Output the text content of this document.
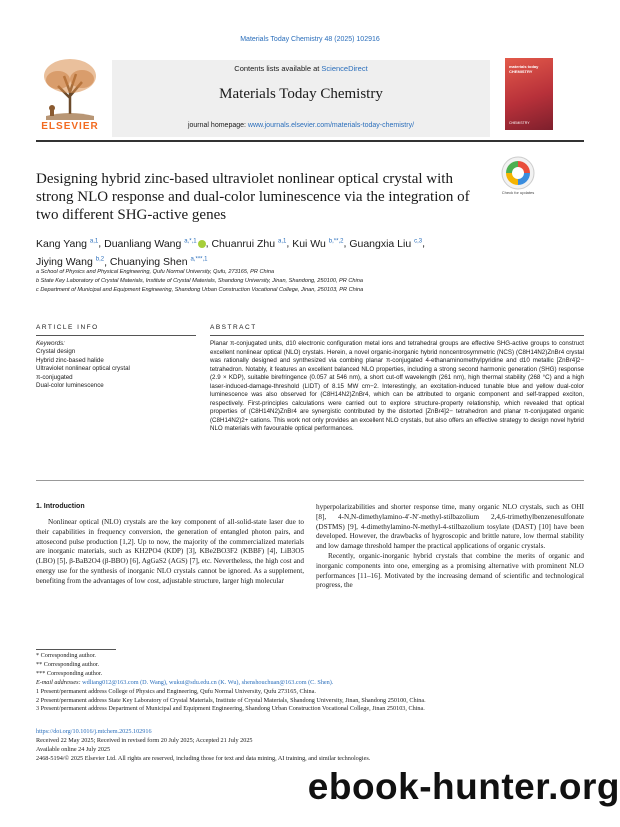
Materials Today Chemistry 48 (2025) 102916
ELSEVIER
Contents lists available at ScienceDirect
Materials Today Chemistry
journal homepage: www.journals.elsevier.com/materials-today-chemistry/
materials today CHEMISTRY
CHEMISTRY
Designing hybrid zinc-based ultraviolet nonlinear optical crystal with strong NLO response and dual-color luminescence via the integration of two different SHG-active genes
Check for updates
Kang Yang $^{a,1}$, Duanliang Wang $^{a,*,1}$ , Chuanrui Zhu $^{a,1}$, Kui Wu $^{b,**,2}$, Guangxia Liu $^{c,3}$,
Jiying Wang $^{b,2}$, Chuanying Shen $^{a,***,1}$
a School of Physics and Physical Engineering, Qufu Normal University, Qufu, 273165, PR China
b State Key Laboratory of Crystal Materials, Institute of Crystal Materials, Shandong University, Jinan, Shandong, 250100, PR China
c Department of Municipal and Equipment Engineering, Shandong Urban Construction Vocational College, Jinan, 250103, PR China
ARTICLE INFO
Keywords:
Crystal design
Hybrid zinc-based halide
Ultraviolet nonlinear optical crystal
π-conjugated
Dual-color luminescence
ABSTRACT
Planar π-conjugated units, d10 electronic configuration metal ions and tetrahedral groups are effective SHG-active groups to construct excellent nonlinear optical (NLO) crystals. Herein, a novel organic-inorganic hybrid noncentrosymmetric (NCS) (C8H14N2)ZnBr4 crystal was rationally designed and synthesized via combing planar π-conjugated 4-ethanaminomethylpyridine and d10 metallic [ZnBr4]2− tetrahedron. Notably, it features an excellent balanced NLO properties, including a strong second harmonic generation (SHG) response (2.9 × KDP), suitable birefringence (0.057 at 546 nm), a short cut-off wavelength (261 nm), high thermal stability (268 °C) and a high laser-induced-damage-threshold (LIDT) of 8.15 MW cm−2. Interestingly, an excitation-induced tunable blue and yellow dual-color luminescence was also observed for (C8H14N2)ZnBr4, which can be attributed to organic component and self-trapped exciton, respectively. First-principles calculations were carried out to explore structure-property relationship, which revealed that optical properties of (C8H14N2)ZnBr4 are synergistic contributed by the distorted [ZnBr4]2− tetrahedron and planar π-conjugated organic (C8H14N2)2+ cations. This work not only provides an excellent NLO crystals, but also offers an effective strategy to design novel hybrid NLO materials with favourable optical performances.
1. Introduction
Nonlinear optical (NLO) crystals are the key component of all-solid-state laser due to their capabilities in frequency conversion, the generation of entangled photon pairs, and attosecond pulse production [1,2]. Up to now, the majority of the commercialized materials are inorganic materials, such as KH2PO4 (KDP) [3], KBe2BO3F2 (KBBF) [4], LiB3O5 (LBO) [5], β-BaB2O4 (β-BBO) [6], AgGaS2 (AGS) [7], etc. Nevertheless, the high cost and energy use for the synthesis of inorganic NLO crystals cannot be ignored. As a supplement, benefiting from the advantages of low cost, adjustable structure, larger high molecular
hyperpolarizabilities and shorter response time, many organic NLO crystals, such as OHI [8], 4-N,N-dimethylamino-4′-N′-methyl-stilbazolium 2,4,6-trimethylbenzenesulfonate (DSTMS) [9], 4-dimethylamino-N-methyl-4-stilbazolium tosylate (DAST) [10] have been developed. However, the drawbacks of hygroscopic and brittle nature, low thermal stability and low damage threshold hamper the practical applications of organic crystals.
Recently, organic-inorganic hybrid crystals that combine the merits of organic and inorganic components into one, emerging as a promising alternative with prominent NLO performances [11–16]. Motivated by the increasing demand of scientific and technological progress, the
* Corresponding author.
** Corresponding author.
*** Corresponding author.
E-mail addresses: wdliang012@163.com (D. Wang), wukui@sdu.edu.cn (K. Wu), shenshouchuan@163.com (C. Shen).
1 Present/permanent address College of Physics and Engineering, Qufu Normal University, Qufu 273165, China.
2 Present/permanent address State Key Laboratory of Crystal Materials, Institute of Crystal Materials, Shandong University, Jinan, Shandong 250100, China.
3 Present/permanent address Department of Municipal and Equipment Engineering, Shandong Urban Construction Vocational College, Jinan 250103, China.
https://doi.org/10.1016/j.mtchem.2025.102916
Received 22 May 2025; Received in revised form 20 July 2025; Accepted 21 July 2025
Available online 24 July 2025
2468-5194/© 2025 Elsevier Ltd. All rights are reserved, including those for text and data mining, AI training, and similar technologies.
ebook-hunter.org
